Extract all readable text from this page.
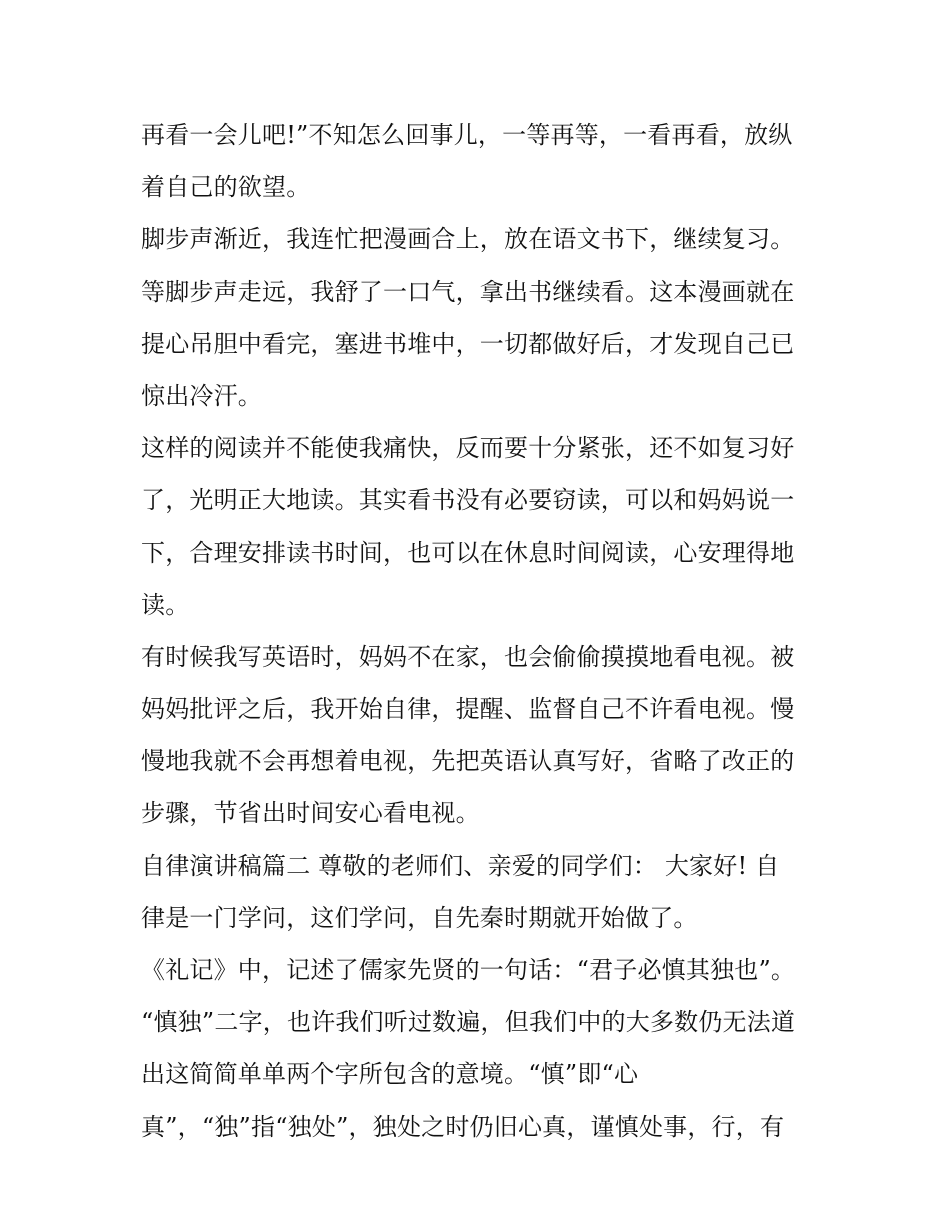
再看一会儿吧!”不知怎么回事儿，一等再等，一看再看，放纵
着自己的欲望。
脚步声渐近，我连忙把漫画合上，放在语文书下，继续复习。
等脚步声走远，我舒了一口气，拿出书继续看。这本漫画就在
提心吊胆中看完，塞进书堆中，一切都做好后，才发现自己已
惊出冷汗。
这样的阅读并不能使我痛快，反而要十分紧张，还不如复习好
了，光明正大地读。其实看书没有必要窃读，可以和妈妈说一
下，合理安排读书时间，也可以在休息时间阅读，心安理得地
读。
有时候我写英语时，妈妈不在家，也会偷偷摸摸地看电视。被
妈妈批评之后，我开始自律，提醒、监督自己不许看电视。慢
慢地我就不会再想着电视，先把英语认真写好，省略了改正的
步骤，节省出时间安心看电视。
自律演讲稿篇二 尊敬的老师们、亲爱的同学们： 大家好! 自
律是一门学问，这们学问，自先秦时期就开始做了。
《礼记》中，记述了儒家先贤的一句话：“君子必慎其独也”。
“慎独”二字，也许我们听过数遍，但我们中的大多数仍无法道
出这简简单单两个字所包含的意境。“慎”即“心
真”，“独”指“独处”，独处之时仍旧心真，谨慎处事，行，有
